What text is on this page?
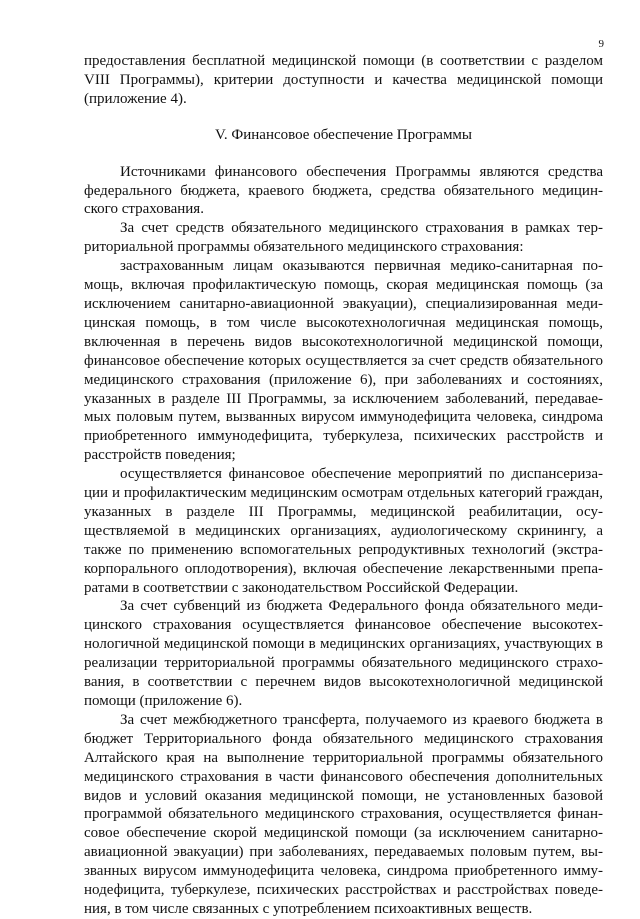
9

предоставления бесплатной медицинской помощи (в соответствии с разделом VIII Программы), критерии доступности и качества медицинской помощи (приложение 4).

V. Финансовое обеспечение Программы

Источниками финансового обеспечения Программы являются средства федерального бюджета, краевого бюджета, средства обязательного медицинского страхования.

За счет средств обязательного медицинского страхования в рамках территориальной программы обязательного медицинского страхования:

застрахованным лицам оказываются первичная медико-санитарная помощь, включая профилактическую помощь, скорая медицинская помощь (за исключением санитарно-авиационной эвакуации), специализированная медицинская помощь, в том числе высокотехнологичная медицинская помощь, включенная в перечень видов высокотехнологичной медицинской помощи, финансовое обеспечение которых осуществляется за счет средств обязательного медицинского страхования (приложение 6), при заболеваниях и состояниях, указанных в разделе III Программы, за исключением заболеваний, передаваемых половым путем, вызванных вирусом иммунодефицита человека, синдрома приобретенного иммунодефицита, туберкулеза, психических расстройств и расстройств поведения;

осуществляется финансовое обеспечение мероприятий по диспансеризации и профилактическим медицинским осмотрам отдельных категорий граждан, указанных в разделе III Программы, медицинской реабилитации, осуществляемой в медицинских организациях, аудиологическому скринингу, а также по применению вспомогательных репродуктивных технологий (экстракорпорального оплодотворения), включая обеспечение лекарственными препаратами в соответствии с законодательством Российской Федерации.

За счет субвенций из бюджета Федерального фонда обязательного медицинского страхования осуществляется финансовое обеспечение высокотехнологичной медицинской помощи в медицинских организациях, участвующих в реализации территориальной программы обязательного медицинского страхования, в соответствии с перечнем видов высокотехнологичной медицинской помощи (приложение 6).

За счет межбюджетного трансферта, получаемого из краевого бюджета в бюджет Территориального фонда обязательного медицинского страхования Алтайского края на выполнение территориальной программы обязательного медицинского страхования в части финансового обеспечения дополнительных видов и условий оказания медицинской помощи, не установленных базовой программой обязательного медицинского страхования, осуществляется финансовое обеспечение скорой медицинской помощи (за исключением санитарно-авиационной эвакуации) при заболеваниях, передаваемых половым путем, вызванных вирусом иммунодефицита человека, синдрома приобретенного иммунодефицита, туберкулезе, психических расстройствах и расстройствах поведения, в том числе связанных с употреблением психоактивных веществ.
